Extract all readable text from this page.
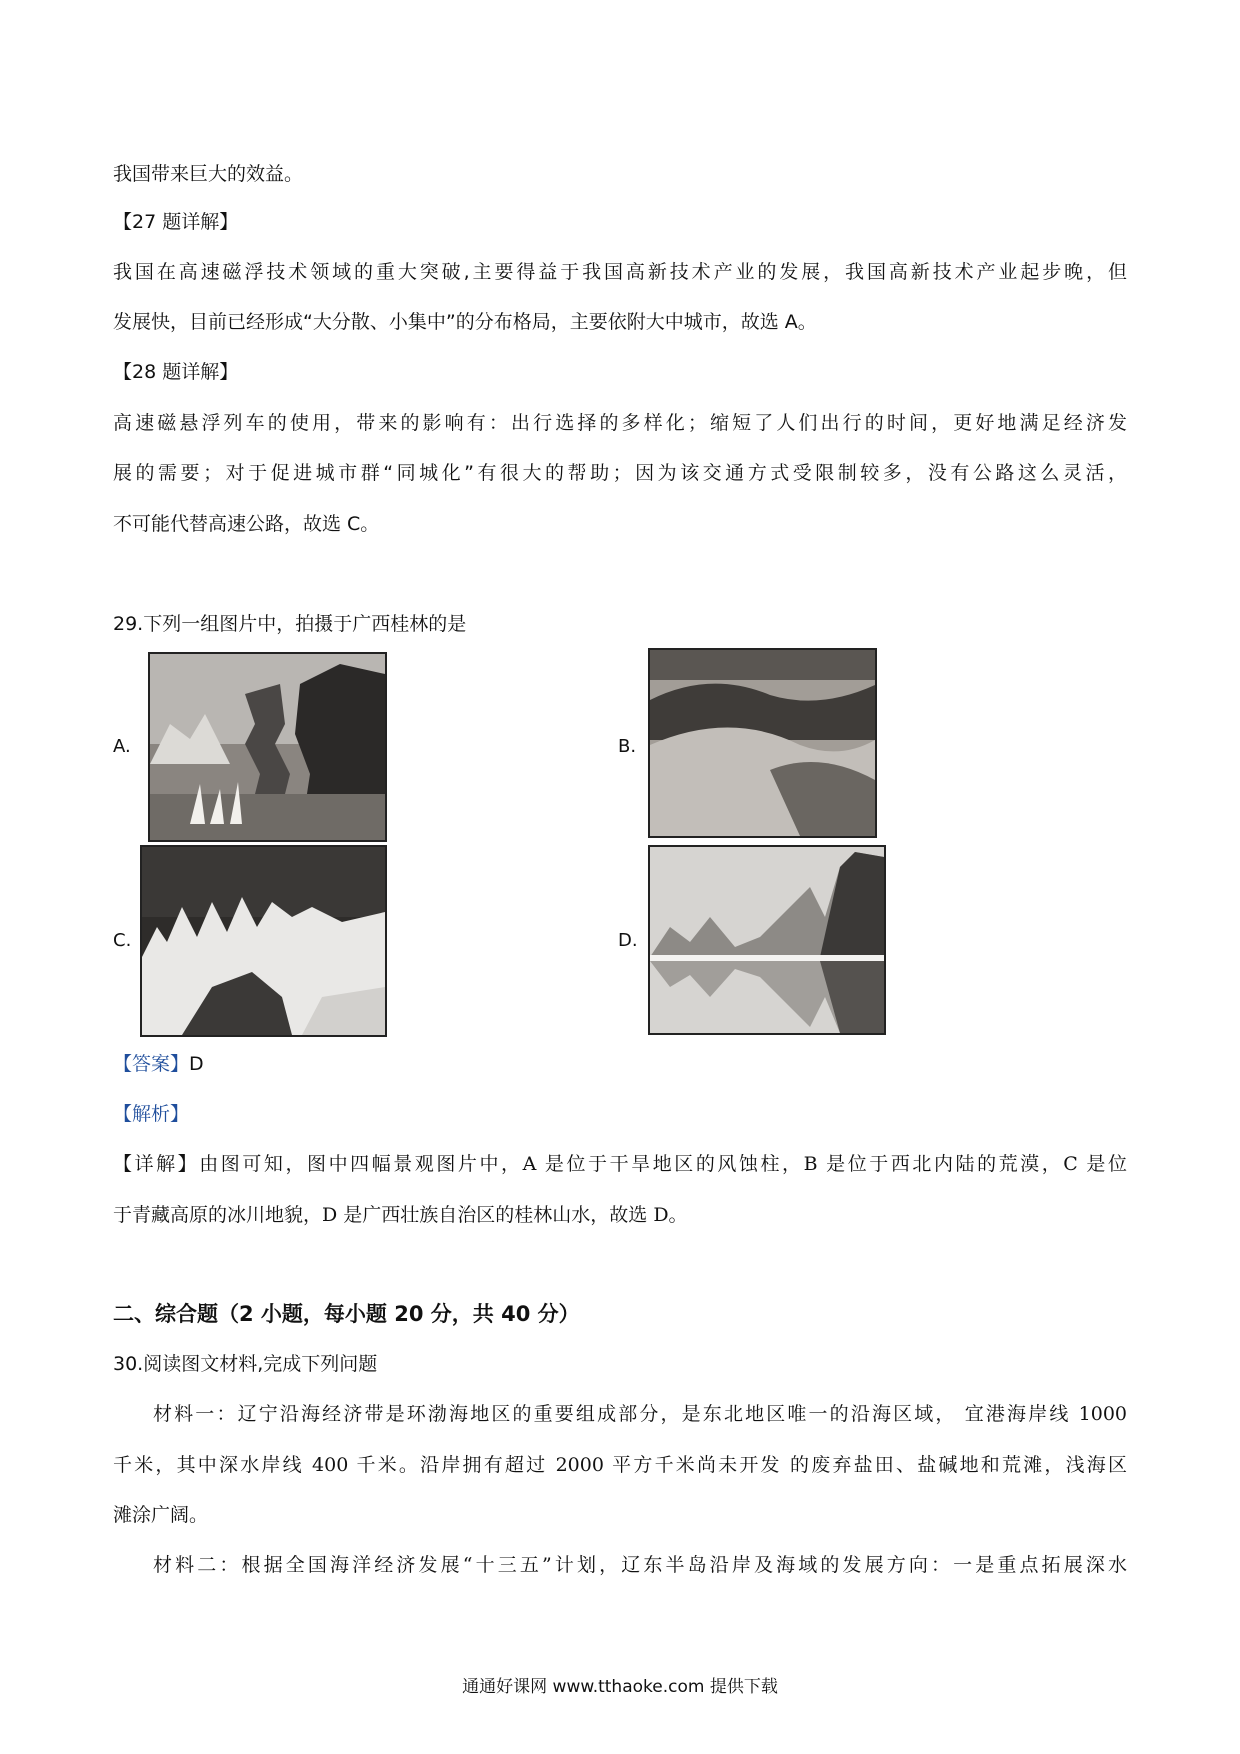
我国带来巨大的效益。
【27 题详解】
我国在高速磁浮技术领域的重大突破,主要得益于我国高新技术产业的发展，我国高新技术产业起步晚，但
发展快，目前已经形成“大分散、小集中”的分布格局，主要依附大中城市，故选 A。
【28 题详解】
高速磁悬浮列车的使用，带来的影响有：出行选择的多样化；缩短了人们出行的时间，更好地满足经济发
展的需要；对于促进城市群“同城化”有很大的帮助；因为该交通方式受限制较多，没有公路这么灵活，
不可能代替高速公路，故选 C。
29.下列一组图片中，拍摄于广西桂林的是
A.	B.
C.	D.
【答案】D
【解析】
【详解】由图可知，图中四幅景观图片中，A 是位于干旱地区的风蚀柱，B 是位于西北内陆的荒漠，C 是位
于青藏高原的冰川地貌，D 是广西壮族自治区的桂林山水，故选 D。
二、综合题（2 小题，每小题 20 分，共 40 分）
30.阅读图文材料,完成下列问题
材料一：辽宁沿海经济带是环渤海地区的重要组成部分，是东北地区唯一的沿海区域， 宜港海岸线 1000
千米，其中深水岸线 400 千米。沿岸拥有超过 2000 平方千米尚未开发 的废弃盐田、盐碱地和荒滩，浅海区
滩涂广阔。
材料二：根据全国海洋经济发展“十三五”计划，辽东半岛沿岸及海域的发展方向：一是重点拓展深水
通通好课网 www.tthaoke.com 提供下载
